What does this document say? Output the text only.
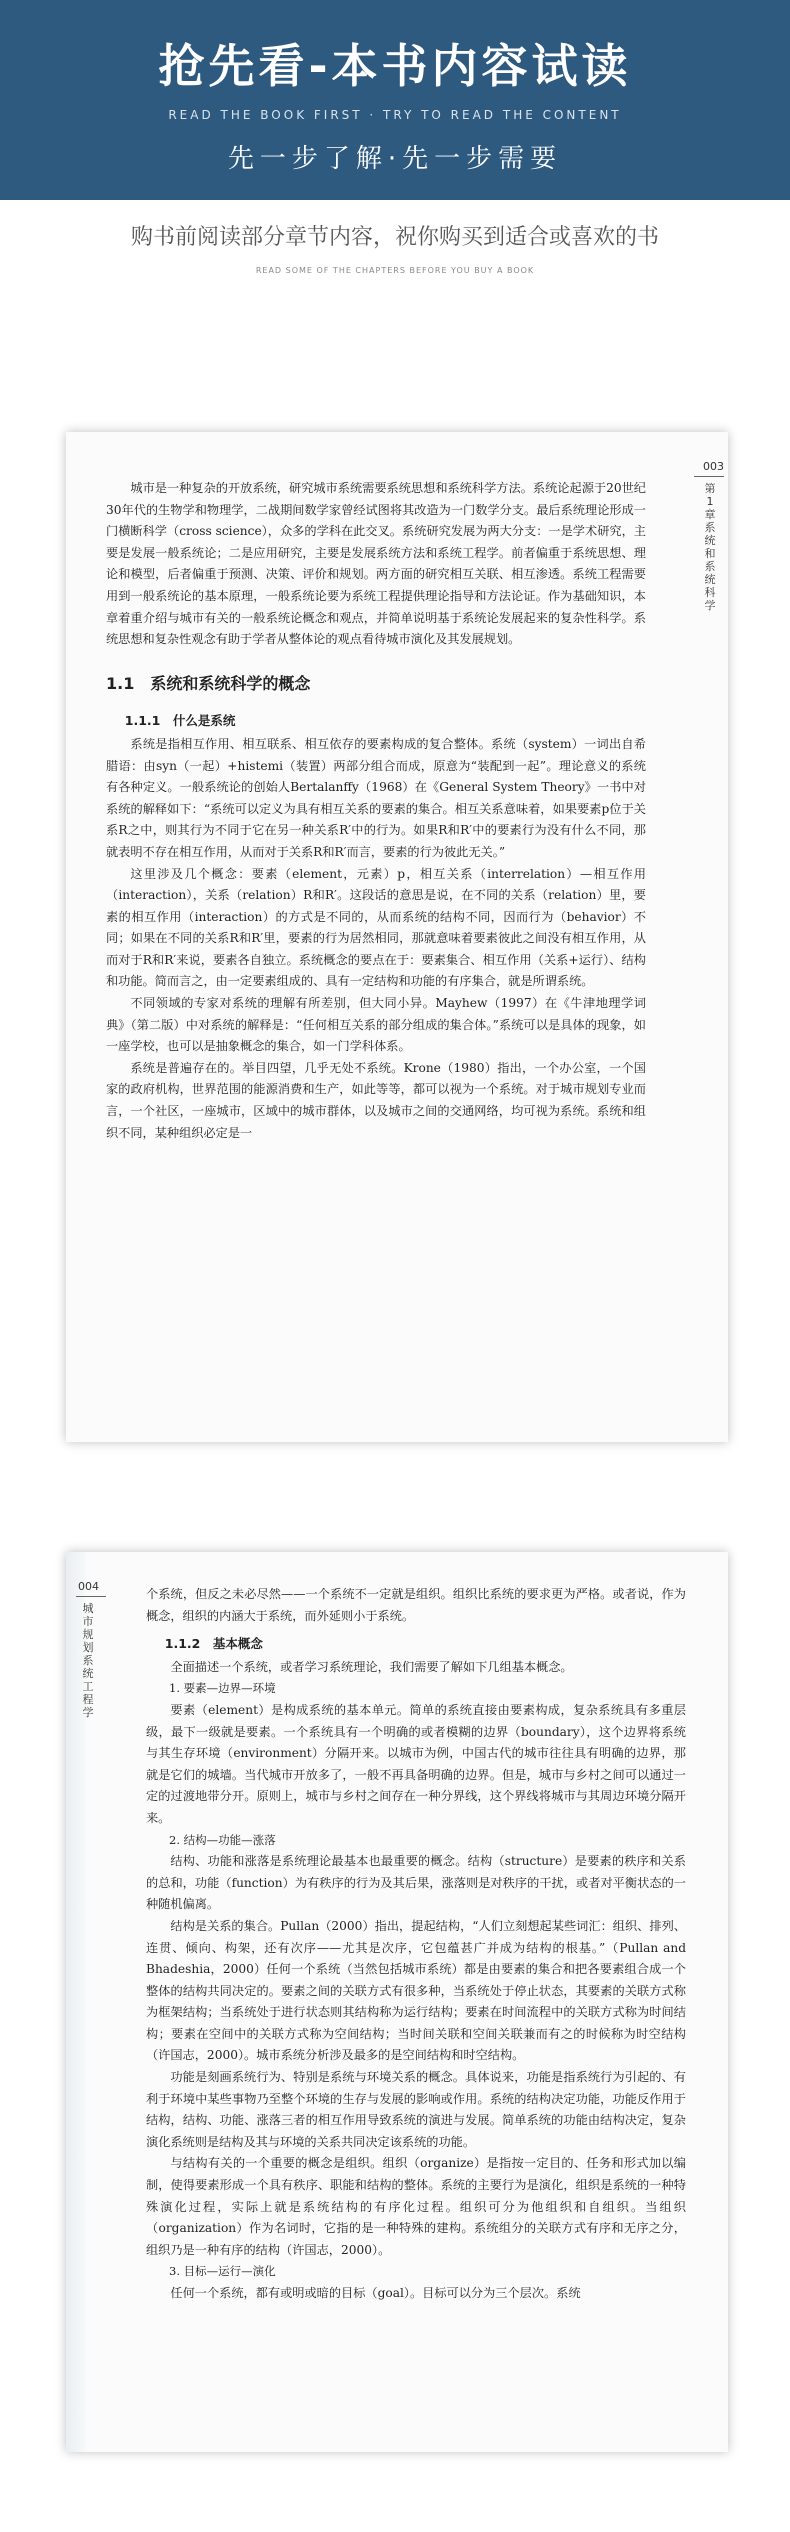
抢先看-本书内容试读
READ THE BOOK FIRST · TRY TO READ THE CONTENT
先一步了解·先一步需要
购书前阅读部分章节内容，祝你购买到适合或喜欢的书
READ SOME OF THE CHAPTERS BEFORE YOU BUY A BOOK
003
第1章 系统和系统科学

城市是一种复杂的开放系统，研究城市系统需要系统思想和系统科学方法。系统论起源于20世纪30年代的生物学和物理学，二战期间数学家曾经试图将其改造为一门数学分支。最后系统理论形成一门横断科学（cross science），众多的学科在此交叉。系统研究发展为两大分支：一是学术研究，主要是发展一般系统论；二是应用研究，主要是发展系统方法和系统工程学。前者偏重于系统思想、理论和模型，后者偏重于预测、决策、评价和规划。两方面的研究相互关联、相互渗透。系统工程需要用到一般系统论的基本原理，一般系统论要为系统工程提供理论指导和方法论证。作为基础知识，本章着重介绍与城市有关的一般系统论概念和观点，并简单说明基于系统论发展起来的复杂性科学。系统思想和复杂性观念有助于学者从整体论的观点看待城市演化及其发展规划。

1.1　系统和系统科学的概念

1.1.1　什么是系统

系统是指相互作用、相互联系、相互依存的要素构成的复合整体。系统（system）一词出自希腊语：由syn（一起）+histemi（装置）两部分组合而成，原意为“装配到一起”。理论意义的系统有各种定义。一般系统论的创始人Bertalanffy（1968）在《General System Theory》一书中对系统的解释如下：“系统可以定义为具有相互关系的要素的集合。相互关系意味着，如果要素p位于关系R之中，则其行为不同于它在另一种关系R′中的行为。如果R和R′中的要素行为没有什么不同，那就表明不存在相互作用，从而对于关系R和R′而言，要素的行为彼此无关。”

这里涉及几个概念：要素（element，元素）p，相互关系（interrelation）—相互作用（interaction），关系（relation）R和R′。这段话的意思是说，在不同的关系（relation）里，要素的相互作用（interaction）的方式是不同的，从而系统的结构不同，因而行为（behavior）不同；如果在不同的关系R和R′里，要素的行为居然相同，那就意味着要素彼此之间没有相互作用，从而对于R和R′来说，要素各自独立。系统概念的要点在于：要素集合、相互作用（关系+运行）、结构和功能。简而言之，由一定要素组成的、具有一定结构和功能的有序集合，就是所谓系统。

不同领域的专家对系统的理解有所差别，但大同小异。Mayhew（1997）在《牛津地理学词典》（第二版）中对系统的解释是：“任何相互关系的部分组成的集合体。”系统可以是具体的现象，如一座学校，也可以是抽象概念的集合，如一门学科体系。

系统是普遍存在的。举目四望，几乎无处不系统。Krone（1980）指出，一个办公室，一个国家的政府机构，世界范围的能源消费和生产，如此等等，都可以视为一个系统。对于城市规划专业而言，一个社区，一座城市，区域中的城市群体，以及城市之间的交通网络，均可视为系统。系统和组织不同，某种组织必定是一

004
城市规划系统工程学

个系统，但反之未必尽然——一个系统不一定就是组织。组织比系统的要求更为严格。或者说，作为概念，组织的内涵大于系统，而外延则小于系统。

1.1.2　基本概念

全面描述一个系统，或者学习系统理论，我们需要了解如下几组基本概念。

1. 要素—边界—环境

要素（element）是构成系统的基本单元。简单的系统直接由要素构成，复杂系统具有多重层级，最下一级就是要素。一个系统具有一个明确的或者模糊的边界（boundary），这个边界将系统与其生存环境（environment）分隔开来。以城市为例，中国古代的城市往往具有明确的边界，那就是它们的城墙。当代城市开放多了，一般不再具备明确的边界。但是，城市与乡村之间可以通过一定的过渡地带分开。原则上，城市与乡村之间存在一种分界线，这个界线将城市与其周边环境分隔开来。

2. 结构—功能—涨落

结构、功能和涨落是系统理论最基本也最重要的概念。结构（structure）是要素的秩序和关系的总和，功能（function）为有秩序的行为及其后果，涨落则是对秩序的干扰，或者对平衡状态的一种随机偏离。

结构是关系的集合。Pullan（2000）指出，提起结构，“人们立刻想起某些词汇：组织、排列、连贯、倾向、构架，还有次序——尤其是次序，它包蕴甚广并成为结构的根基。”（Pullan and Bhadeshia，2000）任何一个系统（当然包括城市系统）都是由要素的集合和把各要素组合成一个整体的结构共同决定的。要素之间的关联方式有很多种，当系统处于停止状态，其要素的关联方式称为框架结构；当系统处于进行状态则其结构称为运行结构；要素在时间流程中的关联方式称为时间结构；要素在空间中的关联方式称为空间结构；当时间关联和空间关联兼而有之的时候称为时空结构（许国志，2000）。城市系统分析涉及最多的是空间结构和时空结构。

功能是刻画系统行为、特别是系统与环境关系的概念。具体说来，功能是指系统行为引起的、有利于环境中某些事物乃至整个环境的生存与发展的影响或作用。系统的结构决定功能，功能反作用于结构，结构、功能、涨落三者的相互作用导致系统的演进与发展。简单系统的功能由结构决定，复杂演化系统则是结构及其与环境的关系共同决定该系统的功能。

与结构有关的一个重要的概念是组织。组织（organize）是指按一定目的、任务和形式加以编制，使得要素形成一个具有秩序、职能和结构的整体。系统的主要行为是演化，组织是系统的一种特殊演化过程，实际上就是系统结构的有序化过程。组织可分为他组织和自组织。当组织（organization）作为名词时，它指的是一种特殊的建构。系统组分的关联方式有序和无序之分，组织乃是一种有序的结构（许国志，2000）。

3. 目标—运行—演化

任何一个系统，都有或明或暗的目标（goal）。目标可以分为三个层次。系统
